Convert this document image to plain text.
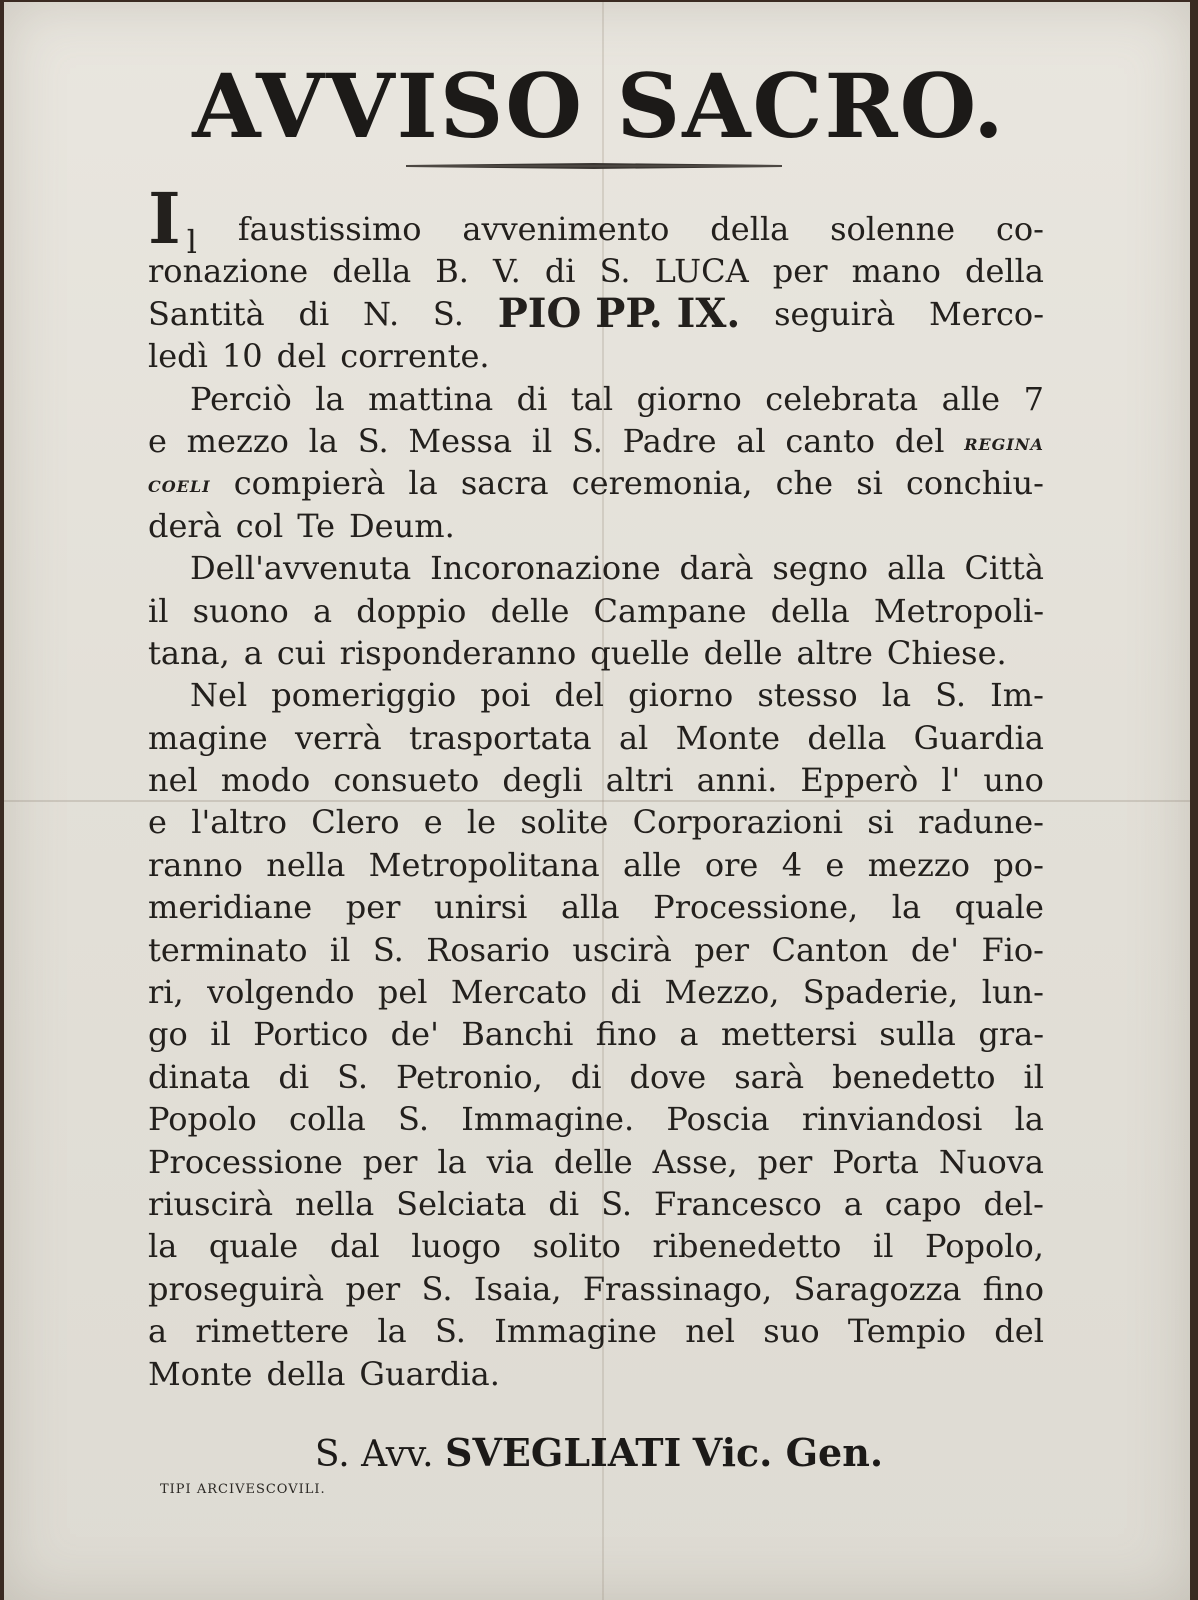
AVVISO SACRO.
Il faustissimo avvenimento della solenne co-
ronazione della B. V. di S. LUCA per mano della
Santità di N. S. PIO PP. IX. seguirà Merco-
ledì 10 del corrente.
Perciò la mattina di tal giorno celebrata alle 7
e mezzo la S. Messa il S. Padre al canto del REGINA
COELI compierà la sacra ceremonia, che si conchiu-
derà col Te Deum.
Dell'avvenuta Incoronazione darà segno alla Città
il suono a doppio delle Campane della Metropoli-
tana, a cui risponderanno quelle delle altre Chiese.
Nel pomeriggio poi del giorno stesso la S. Im-
magine verrà trasportata al Monte della Guardia
nel modo consueto degli altri anni. Epperò l' uno
e l'altro Clero e le solite Corporazioni si radune-
ranno nella Metropolitana alle ore 4 e mezzo po-
meridiane per unirsi alla Processione, la quale
terminato il S. Rosario uscirà per Canton de' Fio-
ri, volgendo pel Mercato di Mezzo, Spaderie, lun-
go il Portico de' Banchi fino a mettersi sulla gra-
dinata di S. Petronio, di dove sarà benedetto il
Popolo colla S. Immagine. Poscia rinviandosi la
Processione per la via delle Asse, per Porta Nuova
riuscirà nella Selciata di S. Francesco a capo del-
la quale dal luogo solito ribenedetto il Popolo,
proseguirà per S. Isaia, Frassinago, Saragozza fino
a rimettere la S. Immagine nel suo Tempio del
Monte della Guardia.
S. Avv. SVEGLIATI Vic. Gen.
TIPI ARCIVESCOVILI.
